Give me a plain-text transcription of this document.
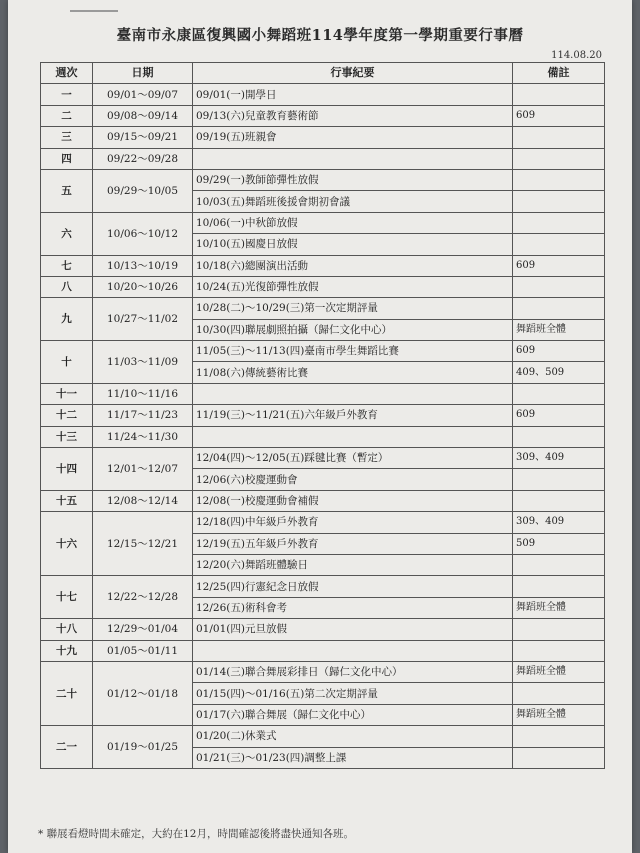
臺南市永康區復興國小舞蹈班114學年度第一學期重要行事曆
114.08.20
週次	日期	行事紀要	備註
一	09/01～09/07	09/01(一)開學日	
二	09/08～09/14	09/13(六)兒童教育藝術節	609
三	09/15～09/21	09/19(五)班親會	
四	09/22～09/28		
五	09/29～10/05	09/29(一)教師節彈性放假	
		10/03(五)舞蹈班後援會期初會議	
六	10/06～10/12	10/06(一)中秋節放假	
		10/10(五)國慶日放假	
七	10/13～10/19	10/18(六)總團演出活動	609
八	10/20～10/26	10/24(五)光復節彈性放假	
九	10/27～11/02	10/28(二)～10/29(三)第一次定期評量	
		10/30(四)聯展劇照拍攝（歸仁文化中心）	舞蹈班全體
十	11/03～11/09	11/05(三)～11/13(四)臺南市學生舞蹈比賽	609
		11/08(六)傳統藝術比賽	409、509
十一	11/10～11/16		
十二	11/17～11/23	11/19(三)～11/21(五)六年級戶外教育	609
十三	11/24～11/30		
十四	12/01～12/07	12/04(四)～12/05(五)踩毽比賽（暫定）	309、409
		12/06(六)校慶運動會	
十五	12/08～12/14	12/08(一)校慶運動會補假	
十六	12/15～12/21	12/18(四)中年級戶外教育	309、409
		12/19(五)五年級戶外教育	509
		12/20(六)舞蹈班體驗日	
十七	12/22～12/28	12/25(四)行憲紀念日放假	
		12/26(五)術科會考	舞蹈班全體
十八	12/29～01/04	01/01(四)元旦放假	
十九	01/05～01/11		
二十	01/12～01/18	01/14(三)聯合舞展彩排日（歸仁文化中心）	舞蹈班全體
		01/15(四)～01/16(五)第二次定期評量	
		01/17(六)聯合舞展（歸仁文化中心）	舞蹈班全體
二一	01/19～01/25	01/20(二)休業式	
		01/21(三)～01/23(四)調整上課	
* 聯展看燈時間未確定，大約在12月，時間確認後將盡快通知各班。
